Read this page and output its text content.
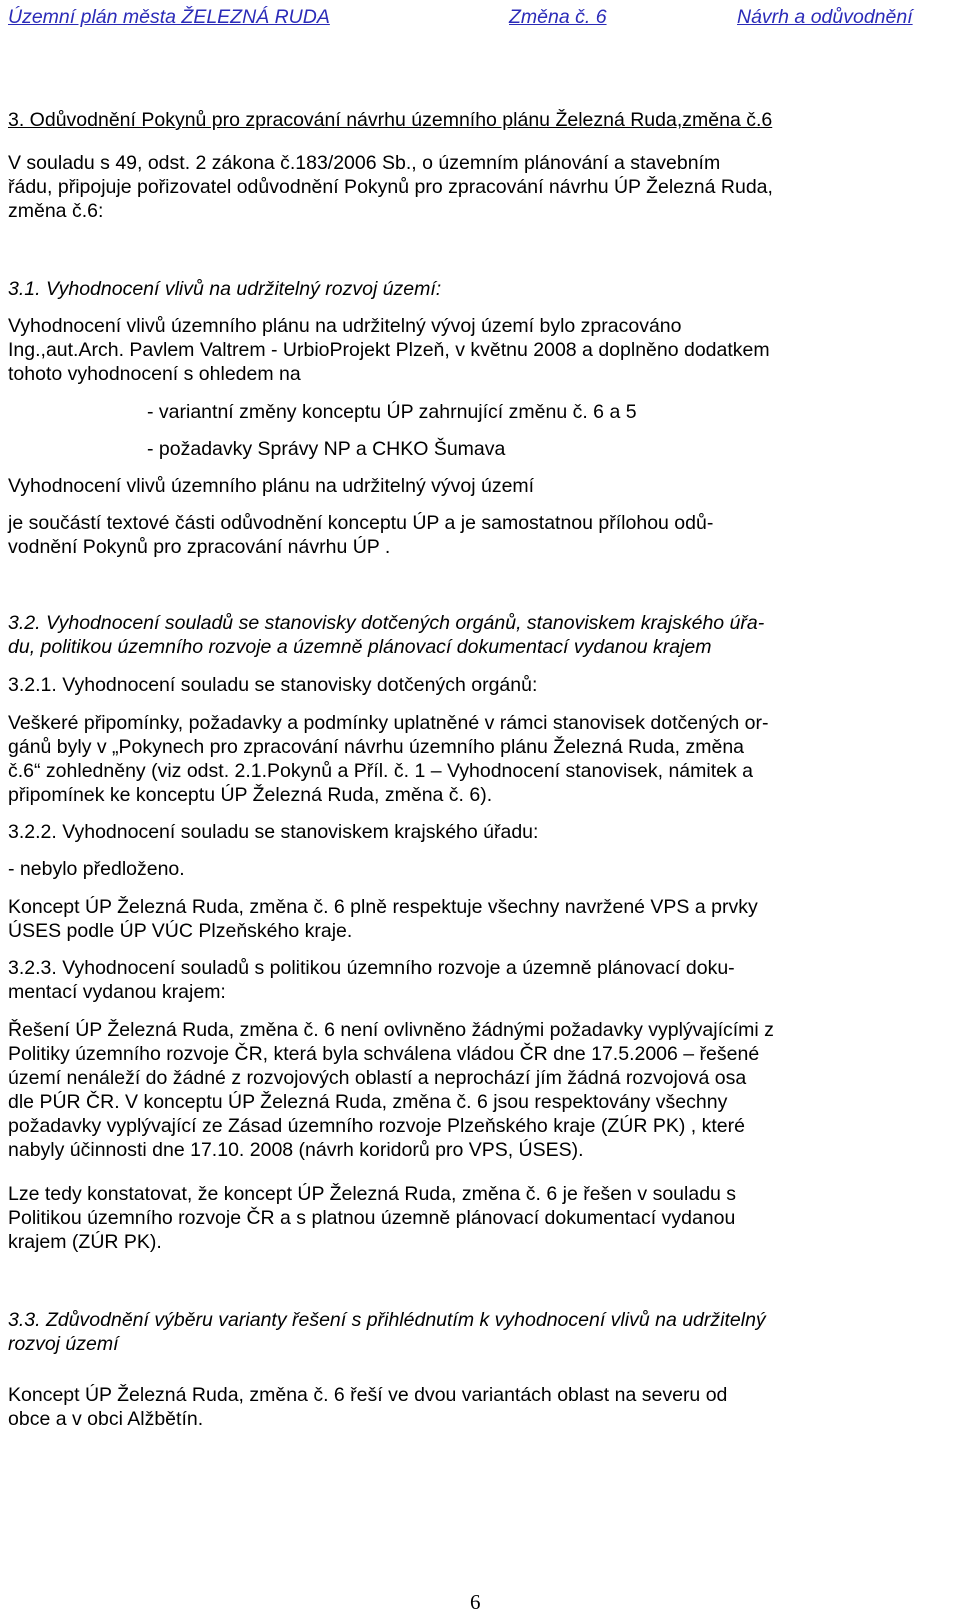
Územní plán města ŽELEZNÁ RUDA	Změna č. 6	Návrh a odůvodnění
3. Odůvodnění Pokynů pro zpracování návrhu územního plánu Železná Ruda,změna č.6
V souladu s 49, odst. 2 zákona č.183/2006 Sb., o územním plánování a stavebním
řádu, připojuje pořizovatel odůvodnění Pokynů pro zpracování návrhu ÚP Železná Ruda,
změna č.6:
3.1. Vyhodnocení vlivů na udržitelný rozvoj území:
Vyhodnocení vlivů územního plánu na udržitelný vývoj území bylo zpracováno
Ing.,aut.Arch. Pavlem Valtrem - UrbioProjekt Plzeň, v květnu 2008 a doplněno dodatkem
tohoto vyhodnocení s ohledem na
- variantní změny konceptu ÚP zahrnující změnu č. 6 a 5
- požadavky Správy NP a CHKO Šumava
Vyhodnocení vlivů územního plánu na udržitelný vývoj území
je součástí textové části odůvodnění konceptu ÚP a je samostatnou přílohou odů-
vodnění Pokynů pro zpracování návrhu ÚP .
3.2. Vyhodnocení souladů se stanovisky dotčených orgánů, stanoviskem krajského úřa-
du, politikou územního rozvoje a územně plánovací dokumentací vydanou krajem
3.2.1. Vyhodnocení souladu se stanovisky dotčených orgánů:
Veškeré připomínky, požadavky a podmínky uplatněné v rámci stanovisek dotčených or-
gánů byly v „Pokynech pro zpracování návrhu územního plánu Železná Ruda, změna
č.6“ zohledněny (viz odst. 2.1.Pokynů a Příl. č. 1 – Vyhodnocení stanovisek, námitek a
připomínek ke konceptu ÚP Železná Ruda, změna č. 6).
3.2.2. Vyhodnocení souladu se stanoviskem krajského úřadu:
- nebylo předloženo.
Koncept ÚP Železná Ruda, změna č. 6 plně respektuje všechny navržené VPS a prvky
ÚSES podle ÚP VÚC Plzeňského kraje.
3.2.3. Vyhodnocení souladů s politikou územního rozvoje a územně plánovací doku-
mentací vydanou krajem:
Řešení ÚP Železná Ruda, změna č. 6 není ovlivněno žádnými požadavky vyplývajícími z
Politiky územního rozvoje ČR, která byla schválena vládou ČR dne 17.5.2006 – řešené
území nenáleží do žádné z rozvojových oblastí a neprochází jím žádná rozvojová osa
dle PÚR ČR. V konceptu ÚP Železná Ruda, změna č. 6 jsou respektovány všechny
požadavky vyplývající ze Zásad územního rozvoje Plzeňského kraje (ZÚR PK) , které
nabyly účinnosti dne 17.10. 2008 (návrh koridorů pro VPS, ÚSES).
Lze tedy konstatovat, že koncept ÚP Železná Ruda, změna č. 6 je řešen v souladu s
Politikou územního rozvoje ČR a s platnou územně plánovací dokumentací vydanou
krajem (ZÚR PK).
3.3. Zdůvodnění výběru varianty řešení s přihlédnutím k vyhodnocení vlivů na udržitelný
rozvoj území
Koncept ÚP Železná Ruda, změna č. 6 řeší ve dvou variantách oblast na severu od
obce a v obci Alžbětín.
6
